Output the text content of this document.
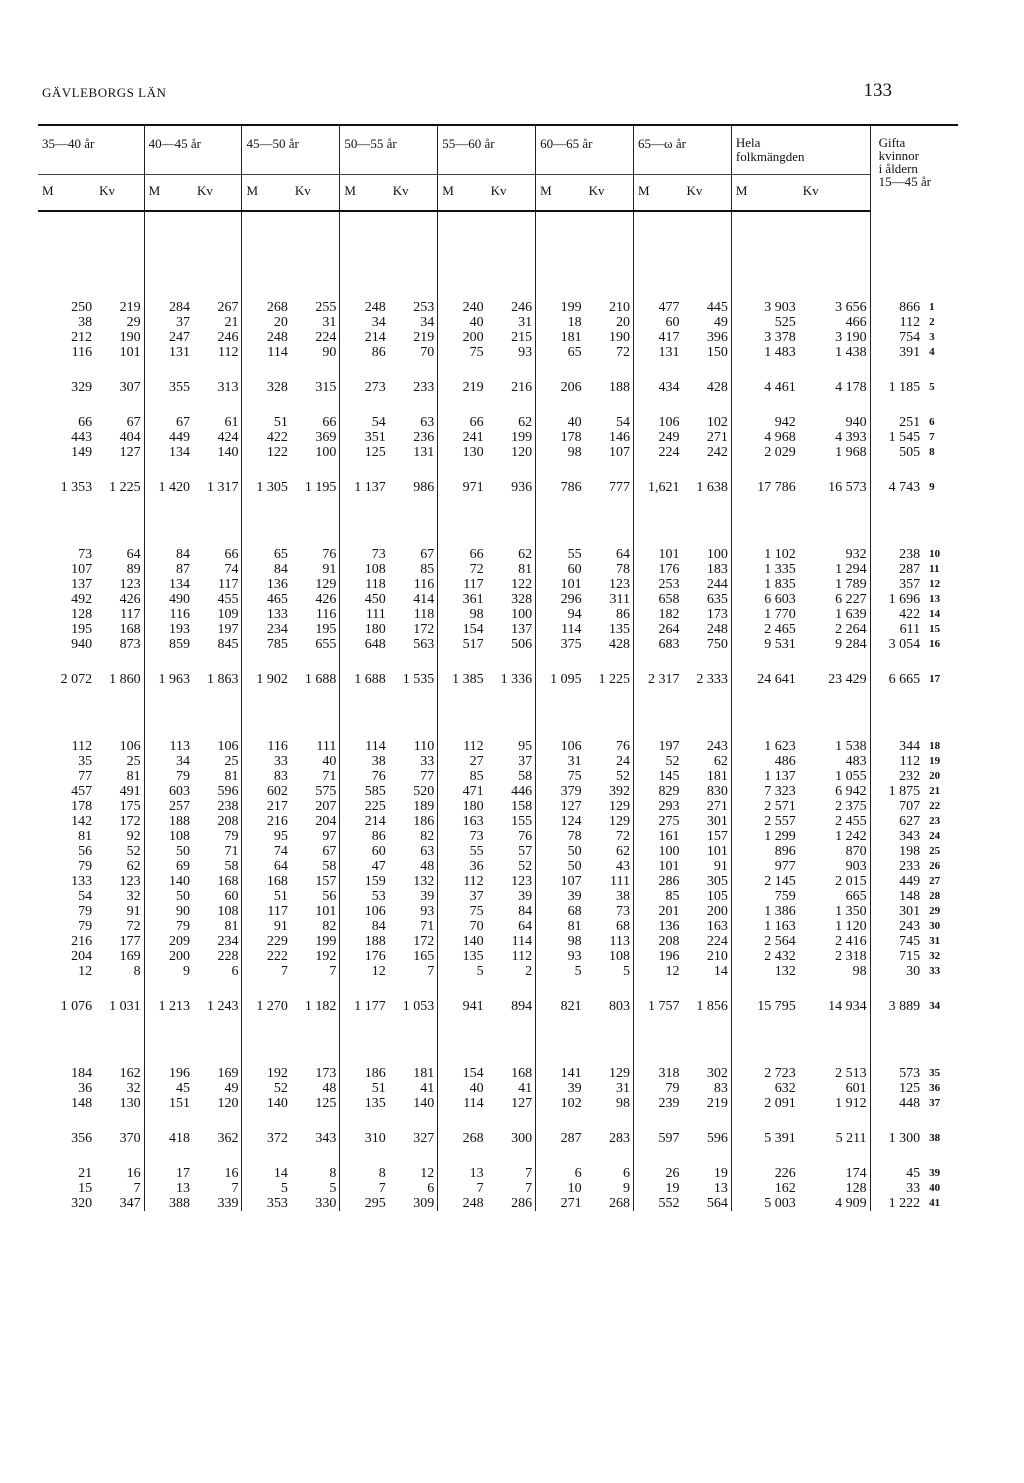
GÄVLEBORGS LÄN	133
35—40 år		40—45 år		45—50 år		50—55 år		55—60 år		60—65 år		65—ω år		Hela
folkmängden		Gifta
kvinnor
i åldern
15—45 år	
M	Kv	M	Kv	M	Kv	M	Kv	M	Kv	M	Kv	M	Kv	M	Kv		

250	219	284	267	268	255	248	253	240	246	199	210	477	445	3 903	3 656	866	1
38	29	37	21	20	31	34	34	40	31	18	20	60	49	525	466	112	2
212	190	247	246	248	224	214	219	200	215	181	190	417	396	3 378	3 190	754	3
116	101	131	112	114	90	86	70	75	93	65	72	131	150	1 483	1 438	391	4

329	307	355	313	328	315	273	233	219	216	206	188	434	428	4 461	4 178	1 185	5

66	67	67	61	51	66	54	63	66	62	40	54	106	102	942	940	251	6
443	404	449	424	422	369	351	236	241	199	178	146	249	271	4 968	4 393	1 545	7
149	127	134	140	122	100	125	131	130	120	98	107	224	242	2 029	1 968	505	8

1 353	1 225	1 420	1 317	1 305	1 195	1 137	986	971	936	786	777	1,621	1 638	17 786	16 573	4 743	9

73	64	84	66	65	76	73	67	66	62	55	64	101	100	1 102	932	238	10
107	89	87	74	84	91	108	85	72	81	60	78	176	183	1 335	1 294	287	11
137	123	134	117	136	129	118	116	117	122	101	123	253	244	1 835	1 789	357	12
492	426	490	455	465	426	450	414	361	328	296	311	658	635	6 603	6 227	1 696	13
128	117	116	109	133	116	111	118	98	100	94	86	182	173	1 770	1 639	422	14
195	168	193	197	234	195	180	172	154	137	114	135	264	248	2 465	2 264	611	15
940	873	859	845	785	655	648	563	517	506	375	428	683	750	9 531	9 284	3 054	16

2 072	1 860	1 963	1 863	1 902	1 688	1 688	1 535	1 385	1 336	1 095	1 225	2 317	2 333	24 641	23 429	6 665	17

112	106	113	106	116	111	114	110	112	95	106	76	197	243	1 623	1 538	344	18
35	25	34	25	33	40	38	33	27	37	31	24	52	62	486	483	112	19
77	81	79	81	83	71	76	77	85	58	75	52	145	181	1 137	1 055	232	20
457	491	603	596	602	575	585	520	471	446	379	392	829	830	7 323	6 942	1 875	21
178	175	257	238	217	207	225	189	180	158	127	129	293	271	2 571	2 375	707	22
142	172	188	208	216	204	214	186	163	155	124	129	275	301	2 557	2 455	627	23
81	92	108	79	95	97	86	82	73	76	78	72	161	157	1 299	1 242	343	24
56	52	50	71	74	67	60	63	55	57	50	62	100	101	896	870	198	25
79	62	69	58	64	58	47	48	36	52	50	43	101	91	977	903	233	26
133	123	140	168	168	157	159	132	112	123	107	111	286	305	2 145	2 015	449	27
54	32	50	60	51	56	53	39	37	39	39	38	85	105	759	665	148	28
79	91	90	108	117	101	106	93	75	84	68	73	201	200	1 386	1 350	301	29
79	72	79	81	91	82	84	71	70	64	81	68	136	163	1 163	1 120	243	30
216	177	209	234	229	199	188	172	140	114	98	113	208	224	2 564	2 416	745	31
204	169	200	228	222	192	176	165	135	112	93	108	196	210	2 432	2 318	715	32
12	8	9	6	7	7	12	7	5	2	5	5	12	14	132	98	30	33

1 076	1 031	1 213	1 243	1 270	1 182	1 177	1 053	941	894	821	803	1 757	1 856	15 795	14 934	3 889	34

184	162	196	169	192	173	186	181	154	168	141	129	318	302	2 723	2 513	573	35
36	32	45	49	52	48	51	41	40	41	39	31	79	83	632	601	125	36
148	130	151	120	140	125	135	140	114	127	102	98	239	219	2 091	1 912	448	37

356	370	418	362	372	343	310	327	268	300	287	283	597	596	5 391	5 211	1 300	38

21	16	17	16	14	8	8	12	13	7	6	6	26	19	226	174	45	39
15	7	13	7	5	5	7	6	7	7	10	9	19	13	162	128	33	40
320	347	388	339	353	330	295	309	248	286	271	268	552	564	5 003	4 909	1 222	41
